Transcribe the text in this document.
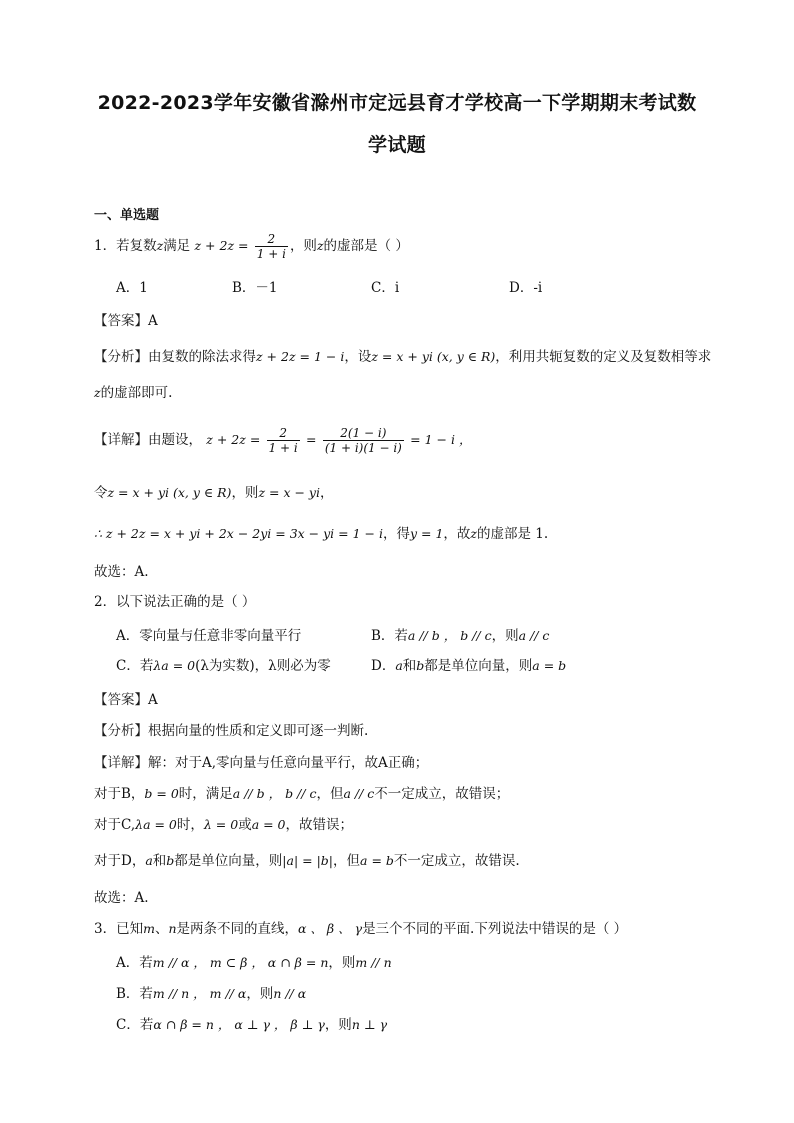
2022-2023学年安徽省滁州市定远县育才学校高一下学期期末考试数
学试题
一、单选题
1．若复数z满足 $z + 2z = \frac{2}{1 + i}$ ，则z的虚部是（ ）
A．1	B．－1	C．i	D．-i
【答案】A
【分析】由复数的除法求得z + 2z = 1 − i，设z = x + yi (x, y ∈ R)，利用共轭复数的定义及复数相等求
z的虚部即可.
【详解】由题设， $z + 2z = \frac{2}{1 + i} = \frac{2(1 - i)}{(1 + i)(1 - i)} = 1 - i$ ，
令z = x + yi (x, y ∈ R)，则z = x − yi，
∴ z + 2z = x + yi + 2x − 2yi = 3x − yi = 1 − i，得y = 1，故z的虚部是 1.
故选：A.
2．以下说法正确的是（ ）
A．零向量与任意非零向量平行	B．若a // b ， b // c，则a // c
C．若λa = 0(λ为实数)，λ则必为零	D．a和b都是单位向量，则a = b
【答案】A
【分析】根据向量的性质和定义即可逐一判断.
【详解】解：对于A,零向量与任意向量平行，故A正确；
对于B，b = 0时，满足a // b ， b // c，但a // c不一定成立，故错误；
对于C,λa = 0时，λ = 0或a = 0，故错误；
对于D，a和b都是单位向量，则|a| = |b|，但a = b不一定成立，故错误.
故选：A.
3．已知m、n是两条不同的直线，α 、 β 、 γ是三个不同的平面.下列说法中错误的是（ ）
A．若m // α ， m ⊂ β ， α ∩ β = n，则m // n
B．若m // n ， m // α，则n // α
C．若α ∩ β = n ， α ⊥ γ ， β ⊥ γ，则n ⊥ γ
